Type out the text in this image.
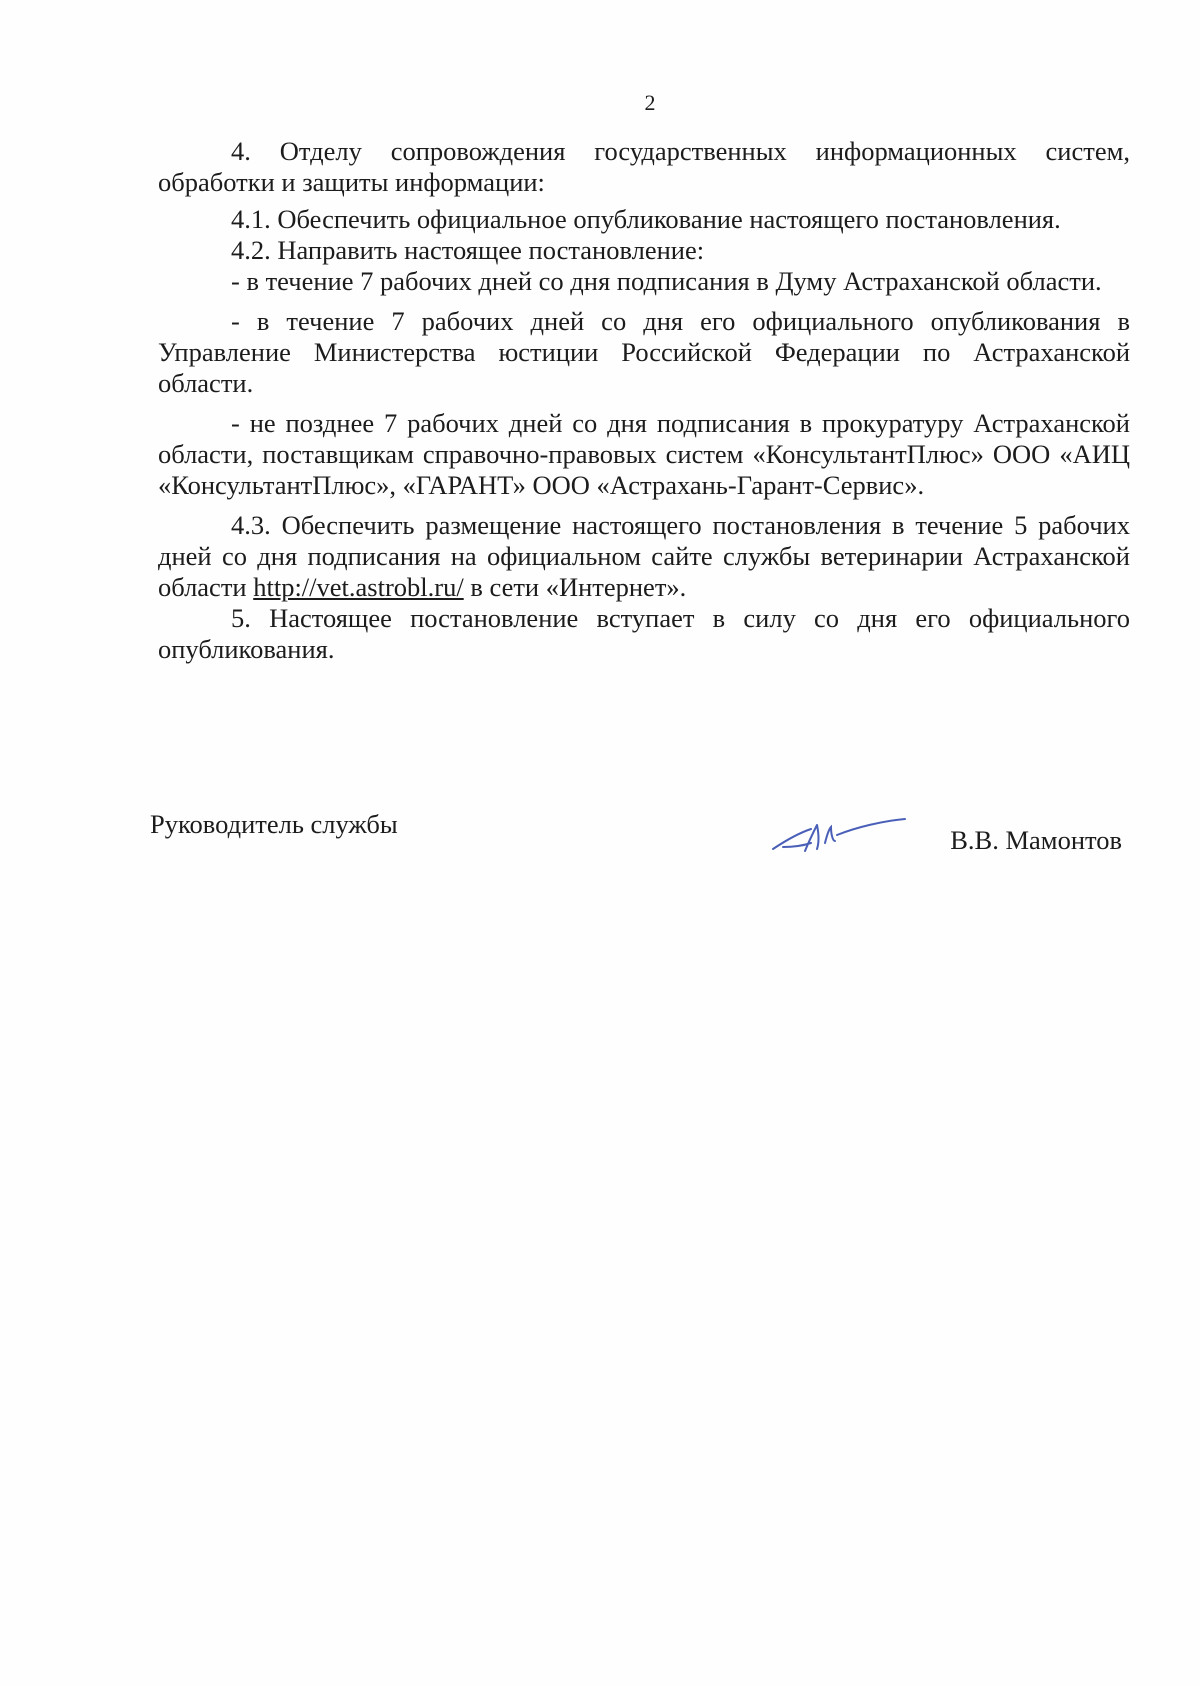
2

4. Отделу сопровождения государственных информационных систем, обработки и защиты информации:

4.1. Обеспечить официальное опубликование настоящего постановления.

4.2. Направить настоящее постановление:

- в течение 7 рабочих дней со дня подписания в Думу Астраханской области.

- в течение 7 рабочих дней со дня его официального опубликования в Управление Министерства юстиции Российской Федерации по Астраханской области.

- не позднее 7 рабочих дней со дня подписания в прокуратуру Астраханской области, поставщикам справочно-правовых систем «КонсультантПлюс» ООО «АИЦ «КонсультантПлюс», «ГАРАНТ» ООО «Астрахань-Гарант-Сервис».

4.3. Обеспечить размещение настоящего постановления в течение 5 рабочих дней со дня подписания на официальном сайте службы ветеринарии Астраханской области http://vet.astrobl.ru/ в сети «Интернет».

5. Настоящее постановление вступает в силу со дня его официального опубликования.

Руководитель службы
В.В. Мамонтов
